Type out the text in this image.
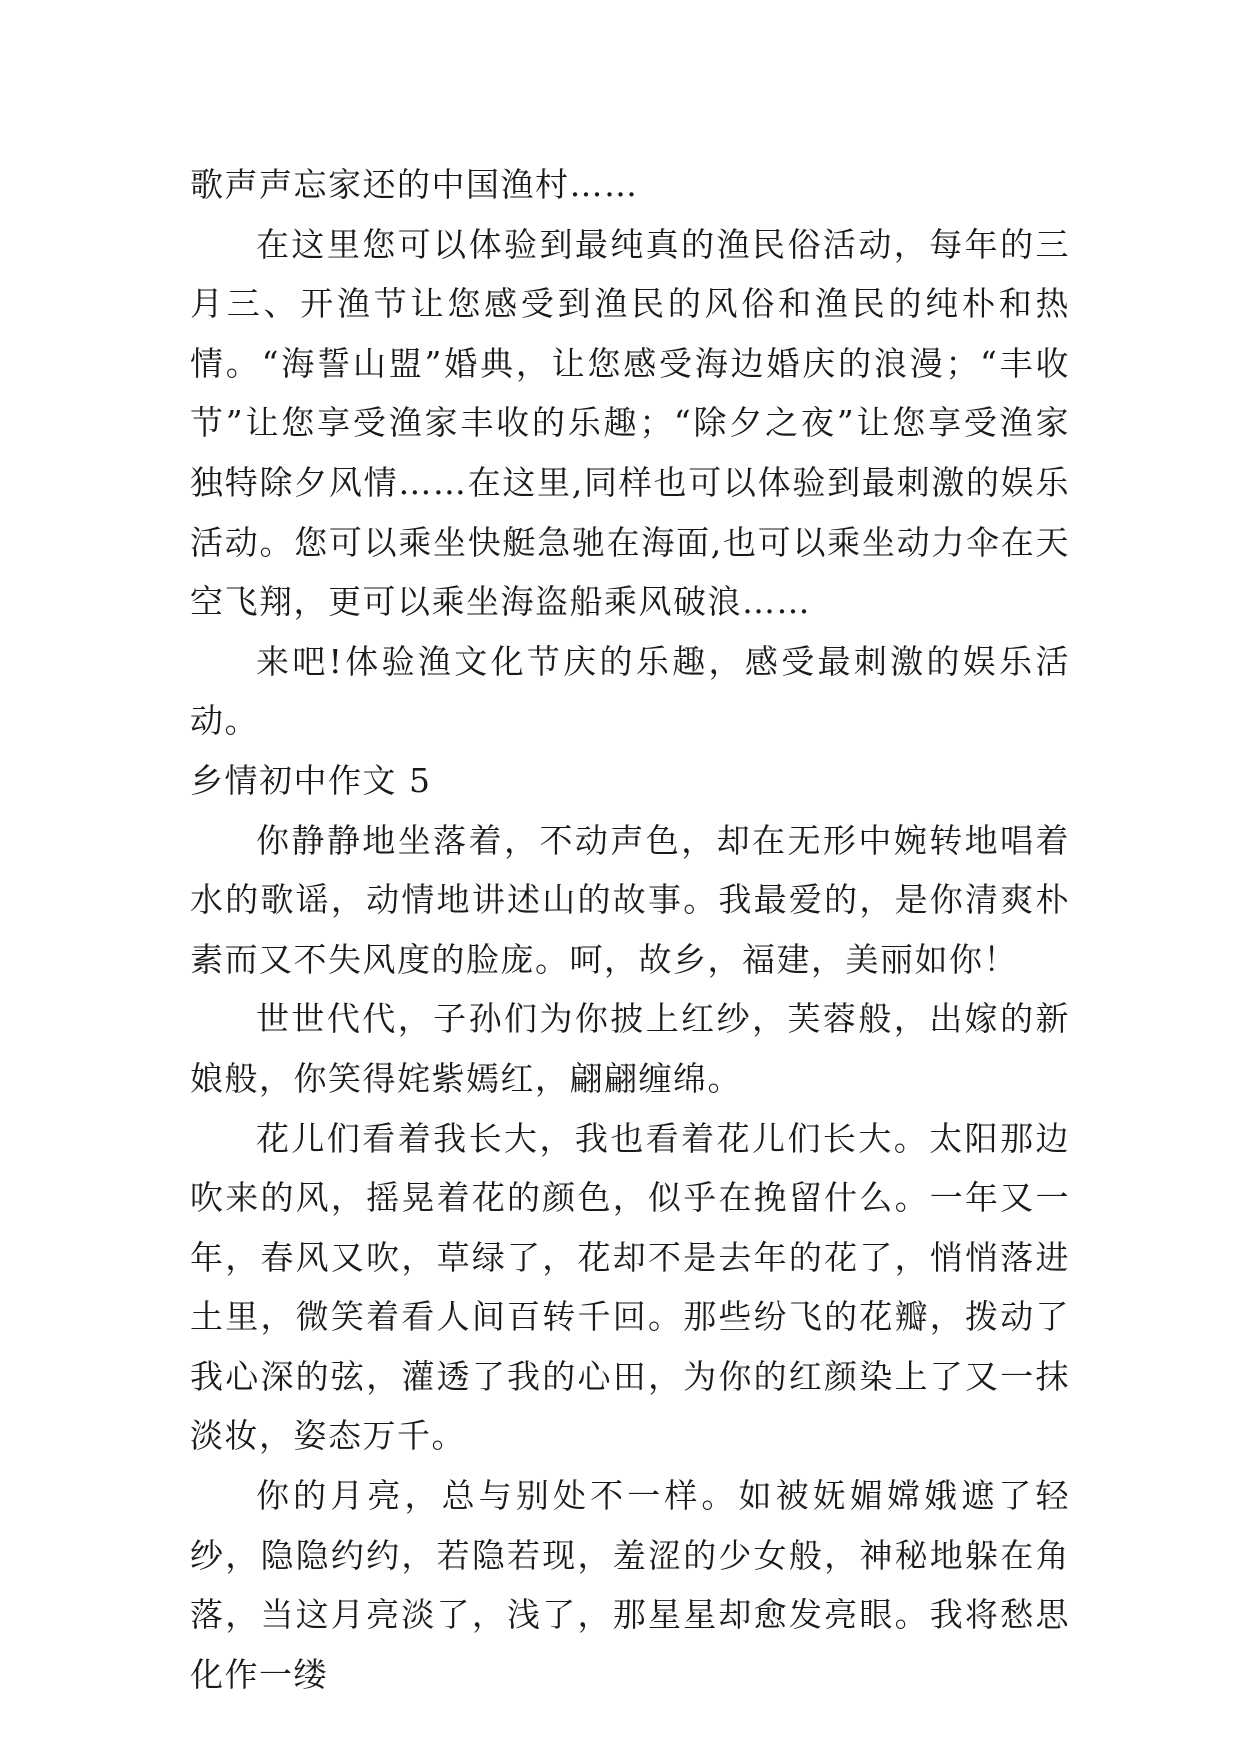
歌声声忘家还的中国渔村……

在这里您可以体验到最纯真的渔民俗活动，每年的三月三、开渔节让您感受到渔民的风俗和渔民的纯朴和热情。“海誓山盟”婚典，让您感受海边婚庆的浪漫；“丰收节”让您享受渔家丰收的乐趣；“除夕之夜”让您享受渔家独特除夕风情……在这里,同样也可以体验到最刺激的娱乐活动。您可以乘坐快艇急驰在海面,也可以乘坐动力伞在天空飞翔，更可以乘坐海盗船乘风破浪……

来吧!体验渔文化节庆的乐趣，感受最刺激的娱乐活动。

乡情初中作文 5

你静静地坐落着，不动声色，却在无形中婉转地唱着水的歌谣，动情地讲述山的故事。我最爱的，是你清爽朴素而又不失风度的脸庞。呵，故乡，福建，美丽如你！

世世代代，子孙们为你披上红纱，芙蓉般，出嫁的新娘般，你笑得姹紫嫣红，翩翩缠绵。

花儿们看着我长大，我也看着花儿们长大。太阳那边吹来的风，摇晃着花的颜色，似乎在挽留什么。一年又一年，春风又吹，草绿了，花却不是去年的花了，悄悄落进土里，微笑着看人间百转千回。那些纷飞的花瓣，拨动了我心深的弦，灌透了我的心田，为你的红颜染上了又一抹淡妆，姿态万千。

你的月亮，总与别处不一样。如被妩媚嫦娥遮了轻纱，隐隐约约，若隐若现，羞涩的少女般，神秘地躲在角落，当这月亮淡了，浅了，那星星却愈发亮眼。我将愁思化作一缕
